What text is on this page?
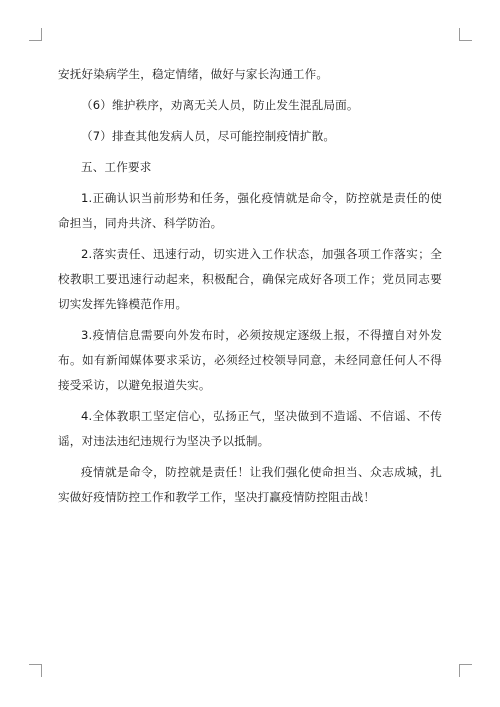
安抚好染病学生，稳定情绪，做好与家长沟通工作。

（6）维护秩序，劝离无关人员，防止发生混乱局面。

（7）排查其他发病人员，尽可能控制疫情扩散。

五、工作要求

1.正确认识当前形势和任务，强化疫情就是命令，防控就是责任的使命担当，同舟共济、科学防治。

2.落实责任、迅速行动，切实进入工作状态，加强各项工作落实；全校教职工要迅速行动起来，积极配合，确保完成好各项工作；党员同志要切实发挥先锋模范作用。

3.疫情信息需要向外发布时，必须按规定逐级上报，不得擅自对外发布。如有新闻媒体要求采访，必须经过校领导同意，未经同意任何人不得接受采访，以避免报道失实。

4.全体教职工坚定信心，弘扬正气，坚决做到不造谣、不信谣、不传谣，对违法违纪违规行为坚决予以抵制。

疫情就是命令，防控就是责任！让我们强化使命担当、众志成城，扎实做好疫情防控工作和教学工作，坚决打赢疫情防控阻击战！
